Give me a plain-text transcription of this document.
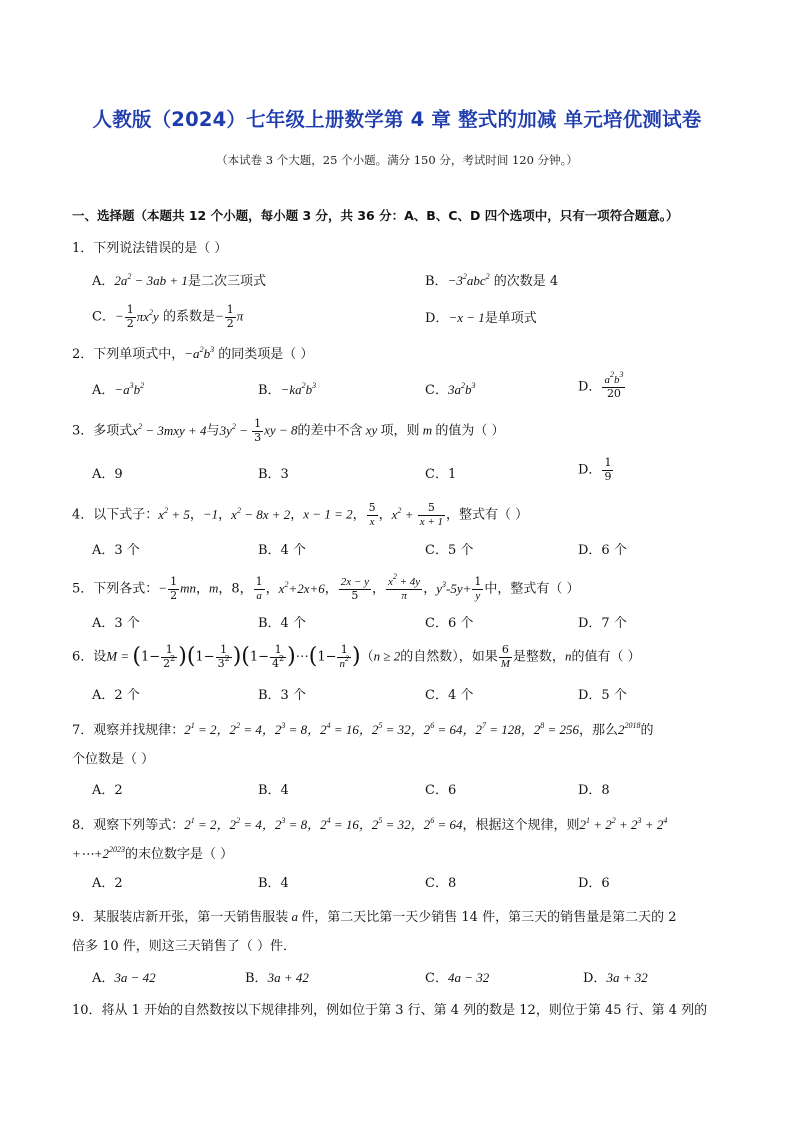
人教版（2024）七年级上册数学第 4 章 整式的加减 单元培优测试卷
（本试卷 3 个大题，25 个小题。满分 150 分，考试时间 120 分钟。）
一、选择题（本题共 12 个小题，每小题 3 分，共 36 分：A、B、C、D 四个选项中，只有一项符合题意。）
1．下列说法错误的是（ ）
A．$2a^2 - 3ab + 1$是二次三项式	B．$-3^2abc^2$ 的次数是 4
C．− $\frac{1}{2} \pi x^2y$ 的系数是− $\frac{1}{2}$ π	D．−x − 1是单项式
2．下列单项式中，$-a^2b^3$ 的同类项是（ ）
A．$-a^3b^2$	B．$-ka^2b^3$	C．$3a^2b^3$	D． $\frac{a^2b^3}{20}$
3．多项式$x^2 - 3mxy + 4$与$3y^2 - \frac{1}{3}$ xy − 8的差中不含 xy 项，则 m 的值为（ ）
A．9	B．3	C．1	D． $\frac{1}{9}$
4．以下式子：$x^2 + 5$，−1，$x^2 - 8x + 2$，x − 1 = 2， $\frac{5}{x}$ ，$x^2 + \frac{5}{x + 1}$ ，整式有（ ）
A．3 个	B．4 个	C．5 个	D．6 个
5．下列各式：− $\frac{1}{2}$ mn，m，8， $\frac{1}{a}$ ，$x^2+2x+6$， $\frac{2x - y}{5}$ ， $\frac{x^2 + 4y}{\pi}$ ，$y^3-5y+ \frac{1}{y}$ 中，整式有（ ）
A．3 个	B．4 个	C．6 个	D．7 个
6．设$M = (1- \frac{1}{2^2} )(1- \frac{1}{3^2} )(1- \frac{1}{4^2}$ )⋯(1− $\frac{1}{n^2} )(n \ge 2$的自然数），如果 $\frac{6}{M}$ 是整数，n的值有（ ）
A．2 个	B．3 个	C．4 个	D．5 个
7．观察并找规律：$2^1 = 2$，$2^2 = 4$，$2^3 = 8$，$2^4 = 16$，$2^5 = 32$，$2^6 = 64$，$2^7 = 128$，$2^8 = 256$，那么$2^{2018}$的
个位数是（ ）
A．2	B．4	C．6	D．8
8．观察下列等式：$2^1 = 2$，$2^2 = 4$，$2^3 = 8$，$2^4 = 16$，$2^5 = 32$，$2^6 = 64$，根据这个规律，则$2^1 + 2^2 + 2^3 + 2^4$
$+\cdots+2^{2023}$的末位数字是（ ）
A．2	B．4	C．8	D．6
9．某服装店新开张，第一天销售服装 a 件，第二天比第一天少销售 14 件，第三天的销售量是第二天的 2
倍多 10 件，则这三天销售了（ ）件．
A．3a − 42	B．3a + 42	C．4a − 32	D．3a + 32
10．将从 1 开始的自然数按以下规律排列，例如位于第 3 行、第 4 列的数是 12，则位于第 45 行、第 4 列的
